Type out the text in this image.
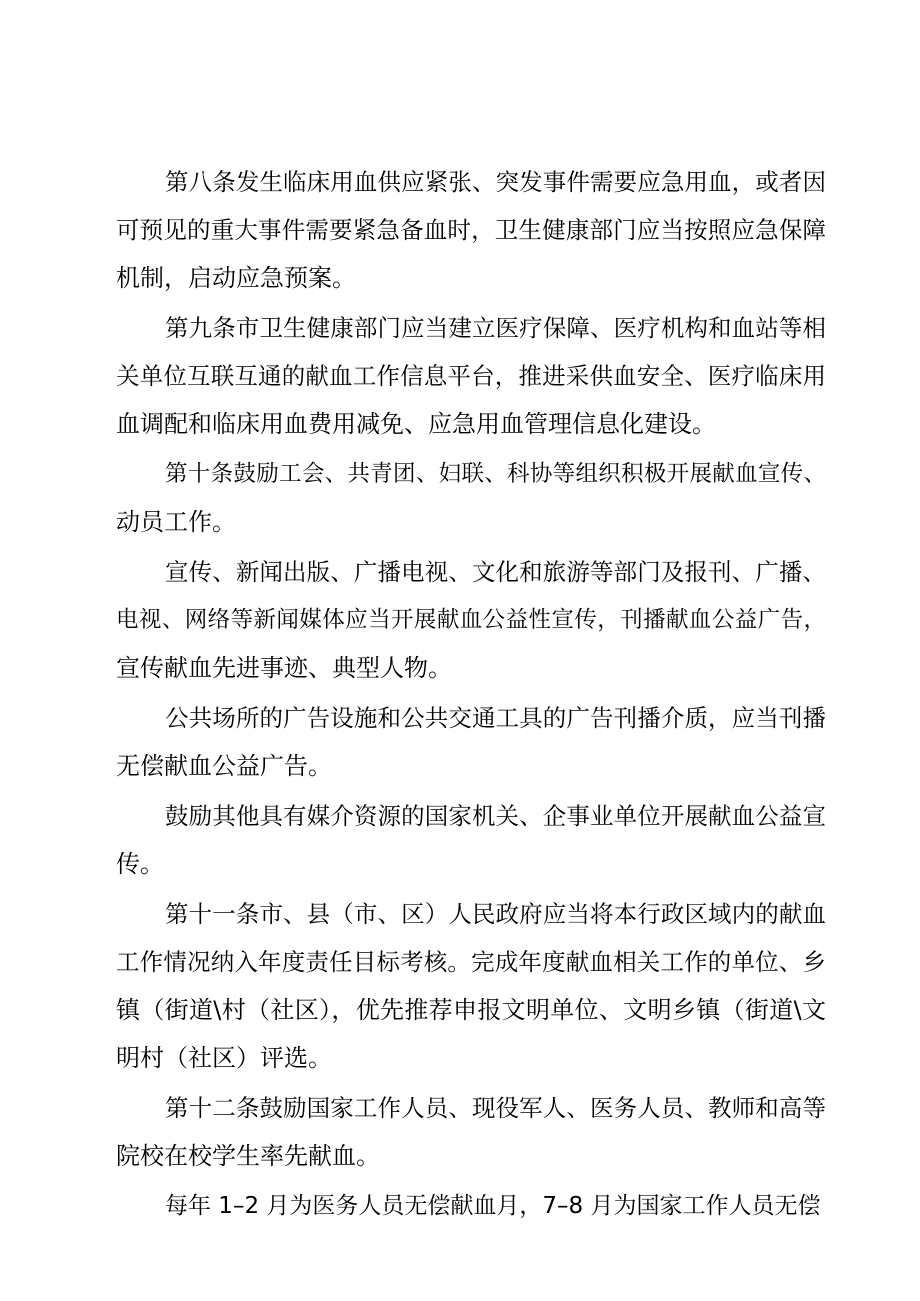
第八条发生临床用血供应紧张、突发事件需要应急用血，或者因
可预见的重大事件需要紧急备血时，卫生健康部门应当按照应急保障
机制，启动应急预案。
第九条市卫生健康部门应当建立医疗保障、医疗机构和血站等相
关单位互联互通的献血工作信息平台，推进采供血安全、医疗临床用
血调配和临床用血费用减免、应急用血管理信息化建设。
第十条鼓励工会、共青团、妇联、科协等组织积极开展献血宣传、
动员工作。
宣传、新闻出版、广播电视、文化和旅游等部门及报刊、广播、
电视、网络等新闻媒体应当开展献血公益性宣传，刊播献血公益广告，
宣传献血先进事迹、典型人物。
公共场所的广告设施和公共交通工具的广告刊播介质，应当刊播
无偿献血公益广告。
鼓励其他具有媒介资源的国家机关、企事业单位开展献血公益宣
传。
第十一条市、县（市、区）人民政府应当将本行政区域内的献血
工作情况纳入年度责任目标考核。完成年度献血相关工作的单位、乡
镇（街道\村（社区），优先推荐申报文明单位、文明乡镇（街道\文
明村（社区）评选。
第十二条鼓励国家工作人员、现役军人、医务人员、教师和高等
院校在校学生率先献血。
每年 1–2 月为医务人员无偿献血月，7–8 月为国家工作人员无偿
